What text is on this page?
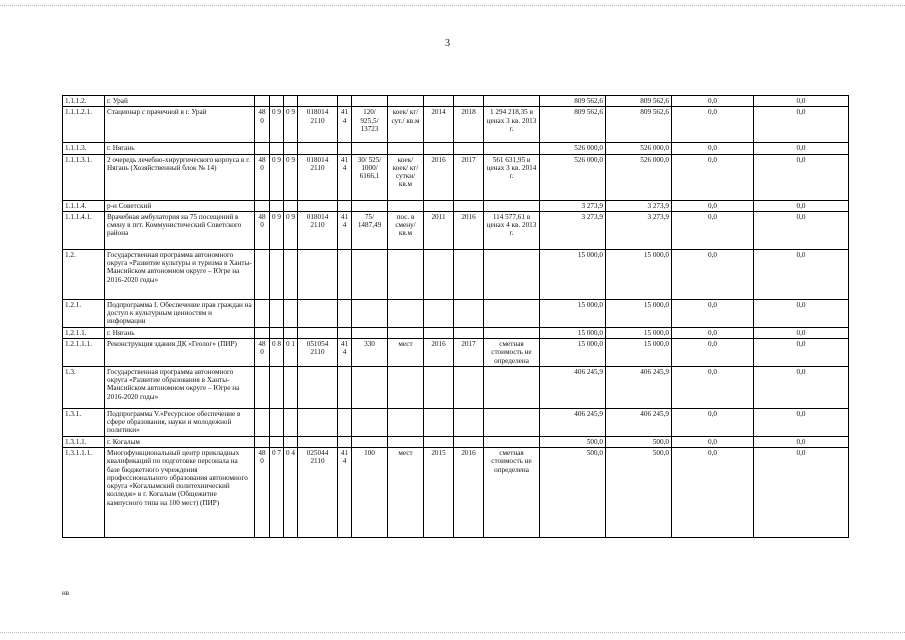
3
1.1.1.2.	г. Урай											809 562,6	809 562,6	0,0	0,0
1.1.1.2.1.	Стационар с прачечной в г. Урай	48 0	0 9	0 9	018014 2110	41 4	120/ 925,5/ 13723	коек/ кг/ сут./ кв.м	2014	2018	1 294 218,35 в ценах 3 кв. 2013 г.	809 562,6	809 562,6	0,0	0,0
1.1.1.3.	г. Нягань											526 000,0	526 000,0	0,0	0,0
1.1.1.3.1.	2 очередь лечебно-хирургического корпуса в г. Нягань (Хозяйственный блок № 14)	48 0	0 9	0 9	018014 2110	41 4	30/ 525/ 1000/ 6166,1	коек/ коек/ кг/ сутки/ кв.м	2016	2017	561 631,95 в ценах 3 кв. 2014 г.	526 000,0	526 000,0	0,0	0,0
1.1.1.4.	р-н Советский											3 273,9	3 273,9	0,0	0,0
1.1.1.4.1.	Врачебная амбулатория на 75 посещений в смену в пгт. Коммунистический Советского района	48 0	0 9	0 9	018014 2110	41 4	75/ 1487,49	пос. в смену/ кв.м	2011	2016	114 577,61 в ценах 4 кв. 2013 г.	3 273,9	3 273,9	0,0	0,0
1.2.	Государственная программа автономного округа «Развитие культуры и туризма в Ханты-Мансийском автономном округе – Югре на 2016-2020 годы»											15 000,0	15 000,0	0,0	0,0
1.2.1.	Подпрограмма I. Обеспечение прав граждан на доступ к культурным ценностям и информации											15 000,0	15 000,0	0,0	0,0
1.2.1.1.	г. Нягань											15 000,0	15 000,0	0,0	0,0
1.2.1.1.1.	Реконструкция здания ДК «Геолог» (ПИР)	48 0	0 8	0 1	051054 2110	41 4	330	мест	2016	2017	сметная стоимость не определена	15 000,0	15 000,0	0,0	0,0
1.3.	Государственная программа автономного округа «Развитие образования в Ханты-Мансийском автономном округе – Югре на 2016-2020 годы»											406 245,9	406 245,9	0,0	0,0
1.3.1.	Подпрограмма V.«Ресурсное обеспечение в сфере образования, науки и молодежной политики»											406 245,9	406 245,9	0,0	0,0
1.3.1.1.	г. Когалым											500,0	500,0	0,0	0,0
1.3.1.1.1.	Многофункциональный центр прикладных квалификаций по подготовке персонала на базе бюджетного учреждения профессионального образования автономного округа «Когалымский политехнический колледж» в г. Когалым (Общежитие кампусного типа на 100 мест) (ПИР)	48 0	0 7	0 4	025044 2110	41 4	100	мест	2015	2016	сметная стоимость не определена	500,0	500,0	0,0	0,0
нв
